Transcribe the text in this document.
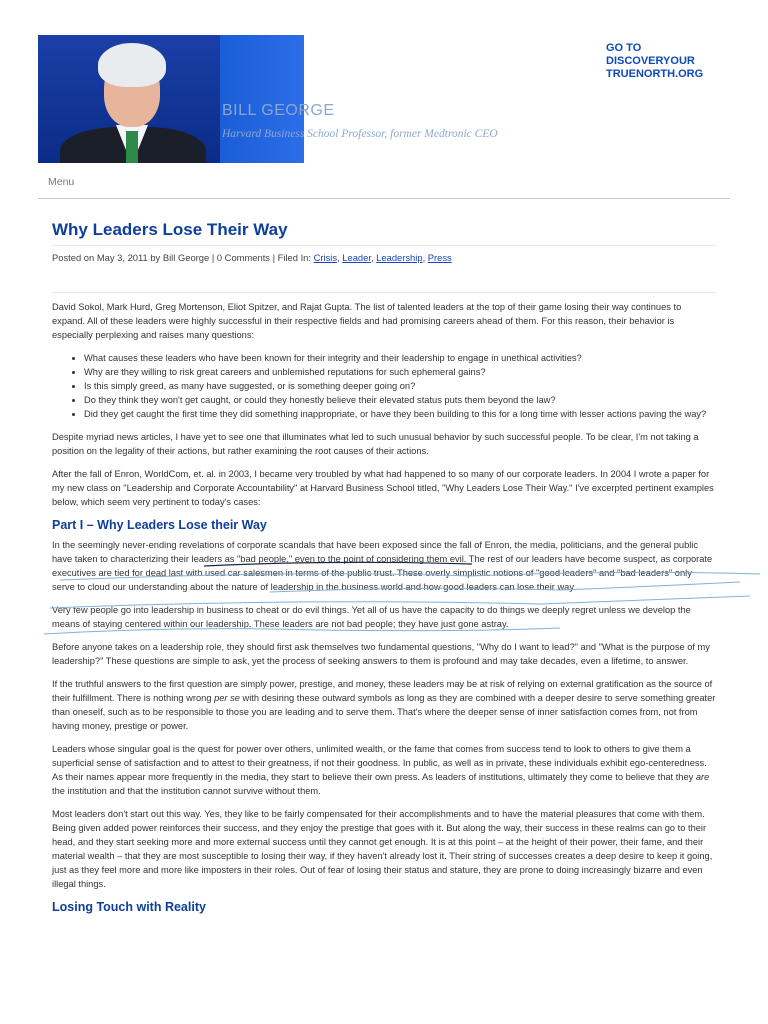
BILL GEORGE
Harvard Business School Professor, former Medtronic CEO
GO TO
DISCOVERYOUR
TRUENORTH.ORG
Menu
Why Leaders Lose Their Way
Posted on May 3, 2011 by Bill George | 0 Comments | Filed In: Crisis, Leader, Leadership, Press

David Sokol, Mark Hurd, Greg Mortenson, Eliot Spitzer, and Rajat Gupta. The list of talented leaders at the top of their game losing their way continues to expand. All of these leaders were highly successful in their respective fields and had promising careers ahead of them. For this reason, their behavior is especially perplexing and raises many questions:

• What causes these leaders who have been known for their integrity and their leadership to engage in unethical activities?
• Why are they willing to risk great careers and unblemished reputations for such ephemeral gains?
• Is this simply greed, as many have suggested, or is something deeper going on?
• Do they think they won't get caught, or could they honestly believe their elevated status puts them beyond the law?
• Did they get caught the first time they did something inappropriate, or have they been building to this for a long time with lesser actions paving the way?

Despite myriad news articles, I have yet to see one that illuminates what led to such unusual behavior by such successful people. To be clear, I'm not taking a position on the legality of their actions, but rather examining the root causes of their actions.

After the fall of Enron, WorldCom, et. al. in 2003, I became very troubled by what had happened to so many of our corporate leaders. In 2004 I wrote a paper for my new class on "Leadership and Corporate Accountability" at Harvard Business School titled, "Why Leaders Lose Their Way." I've excerpted pertinent examples below, which seem very pertinent to today's cases:

Part I – Why Leaders Lose their Way

In the seemingly never-ending revelations of corporate scandals that have been exposed since the fall of Enron, the media, politicians, and the general public have taken to characterizing their leaders as "bad people," even to the point of considering them evil. The rest of our leaders have become suspect, as corporate executives are tied for dead last with used car salesmen in terms of the public trust. These overly simplistic notions of "good leaders" and "bad leaders" only serve to cloud our understanding about the nature of leadership in the business world and how good leaders can lose their way.

Very few people go into leadership in business to cheat or do evil things. Yet all of us have the capacity to do things we deeply regret unless we develop the means of staying centered within our leadership. These leaders are not bad people; they have just gone astray.

Before anyone takes on a leadership role, they should first ask themselves two fundamental questions, "Why do I want to lead?" and "What is the purpose of my leadership?" These questions are simple to ask, yet the process of seeking answers to them is profound and may take decades, even a lifetime, to answer.

If the truthful answers to the first question are simply power, prestige, and money, these leaders may be at risk of relying on external gratification as the source of their fulfillment. There is nothing wrong per se with desiring these outward symbols as long as they are combined with a deeper desire to serve something greater than oneself, such as to be responsible to those you are leading and to serve them. That's where the deeper sense of inner satisfaction comes from, not from having money, prestige or power.

Leaders whose singular goal is the quest for power over others, unlimited wealth, or the fame that comes from success tend to look to others to give them a superficial sense of satisfaction and to attest to their greatness, if not their goodness. In public, as well as in private, these individuals exhibit ego-centeredness. As their names appear more frequently in the media, they start to believe their own press. As leaders of institutions, ultimately they come to believe that they are the institution and that the institution cannot survive without them.

Most leaders don't start out this way. Yes, they like to be fairly compensated for their accomplishments and to have the material pleasures that come with them. Being given added power reinforces their success, and they enjoy the prestige that goes with it. But along the way, their success in these realms can go to their head, and they start seeking more and more external success until they cannot get enough. It is at this point – at the height of their power, their fame, and their material wealth – that they are most susceptible to losing their way, if they haven't already lost it. Their string of successes creates a deep desire to keep it going, just as they feel more and more like imposters in their roles. Out of fear of losing their status and stature, they are prone to doing increasingly bizarre and even illegal things.

Losing Touch with Reality
